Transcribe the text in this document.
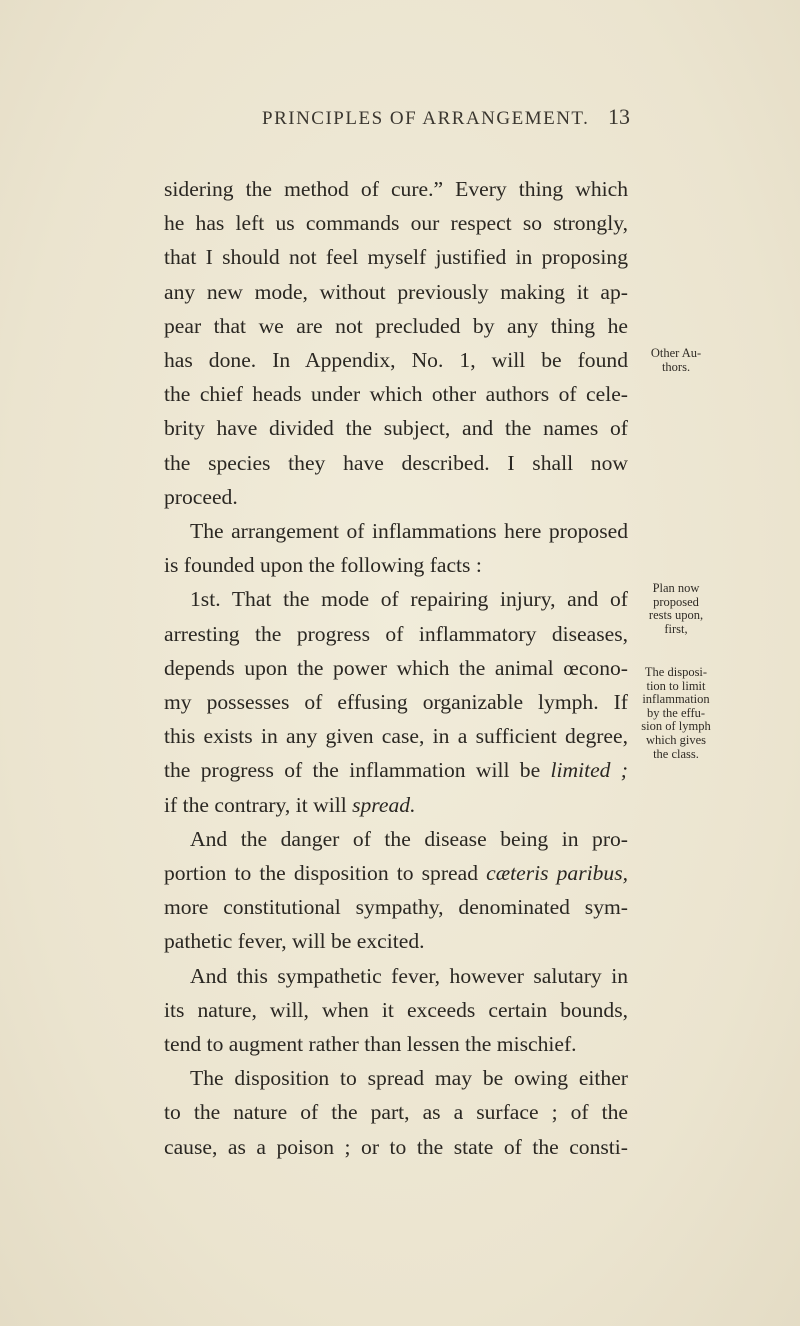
PRINCIPLES OF ARRANGEMENT. 13
sidering the method of cure.” Every thing which
he has left us commands our respect so strongly,
that I should not feel myself justified in proposing
any new mode, without previously making it ap-
pear that we are not precluded by any thing he
has done. In Appendix, No. 1, will be found
the chief heads under which other authors of cele-
brity have divided the subject, and the names of
the species they have described. I shall now
proceed.
The arrangement of inflammations here proposed
is founded upon the following facts :
1st. That the mode of repairing injury, and of
arresting the progress of inflammatory diseases,
depends upon the power which the animal œcono-
my possesses of effusing organizable lymph. If
this exists in any given case, in a sufficient degree,
the progress of the inflammation will be limited ;
if the contrary, it will spread.
And the danger of the disease being in pro-
portion to the disposition to spread cæteris paribus,
more constitutional sympathy, denominated sym-
pathetic fever, will be excited.
And this sympathetic fever, however salutary in
its nature, will, when it exceeds certain bounds,
tend to augment rather than lessen the mischief.
The disposition to spread may be owing either
to the nature of the part, as a surface ; of the
cause, as a poison ; or to the state of the consti-
Other Au-
thors.
Plan now
proposed
rests upon,
first,
The disposi-
tion to limit
inflammation
by the effu-
sion of lymph
which gives
the class.
